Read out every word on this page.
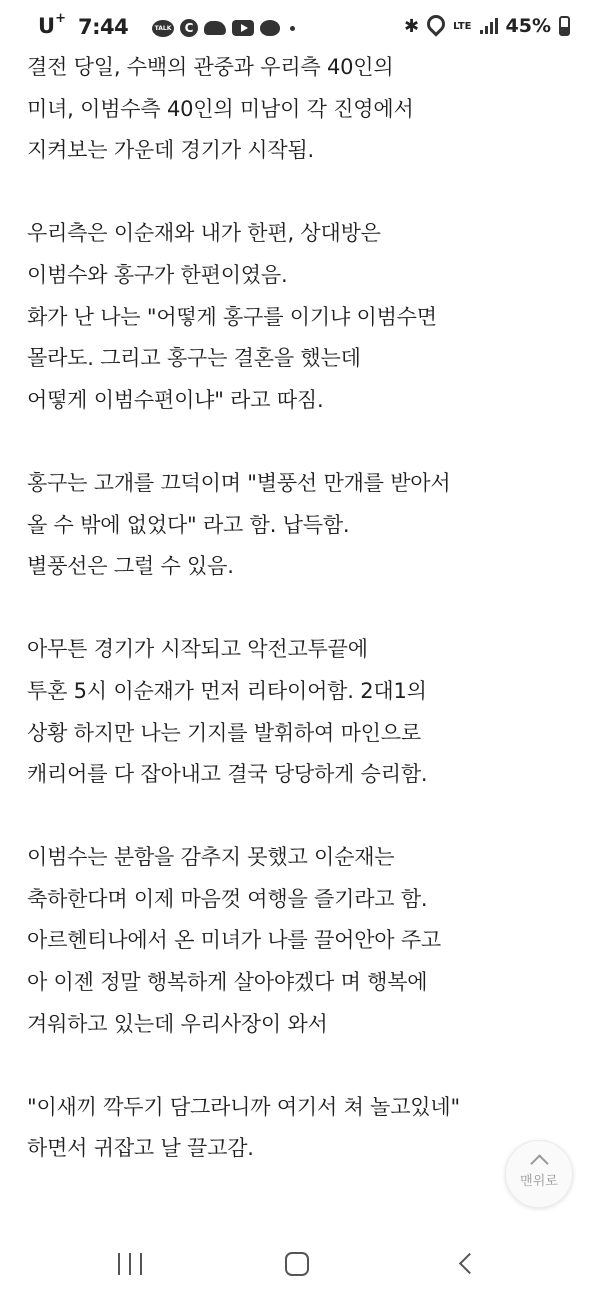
U+ 7:44	TALK	C	✱	LTE 45%
결전 당일, 수백의 관중과 우리측 40인의
미녀, 이범수측 40인의 미남이 각 진영에서
지켜보는 가운데 경기가 시작됨.
우리측은 이순재와 내가 한편, 상대방은
이범수와 홍구가 한편이였음.
화가 난 나는 "어떻게 홍구를 이기냐 이범수면
몰라도. 그리고 홍구는 결혼을 했는데
어떻게 이범수편이냐" 라고 따짐.
홍구는 고개를 끄덕이며 "별풍선 만개를 받아서
올 수 밖에 없었다" 라고 함. 납득함.
별풍선은 그럴 수 있음.
아무튼 경기가 시작되고 악전고투끝에
투혼 5시 이순재가 먼저 리타이어함. 2대1의
상황 하지만 나는 기지를 발휘하여 마인으로
캐리어를 다 잡아내고 결국 당당하게 승리함.
이범수는 분함을 감추지 못했고 이순재는
축하한다며 이제 마음껏 여행을 즐기라고 함.
아르헨티나에서 온 미녀가 나를 끌어안아 주고
아 이젠 정말 행복하게 살아야겠다 며 행복에
겨워하고 있는데 우리사장이 와서
"이새끼 깍두기 담그라니까 여기서 쳐 놀고있네"
하면서 귀잡고 날 끌고감.
맨위로
